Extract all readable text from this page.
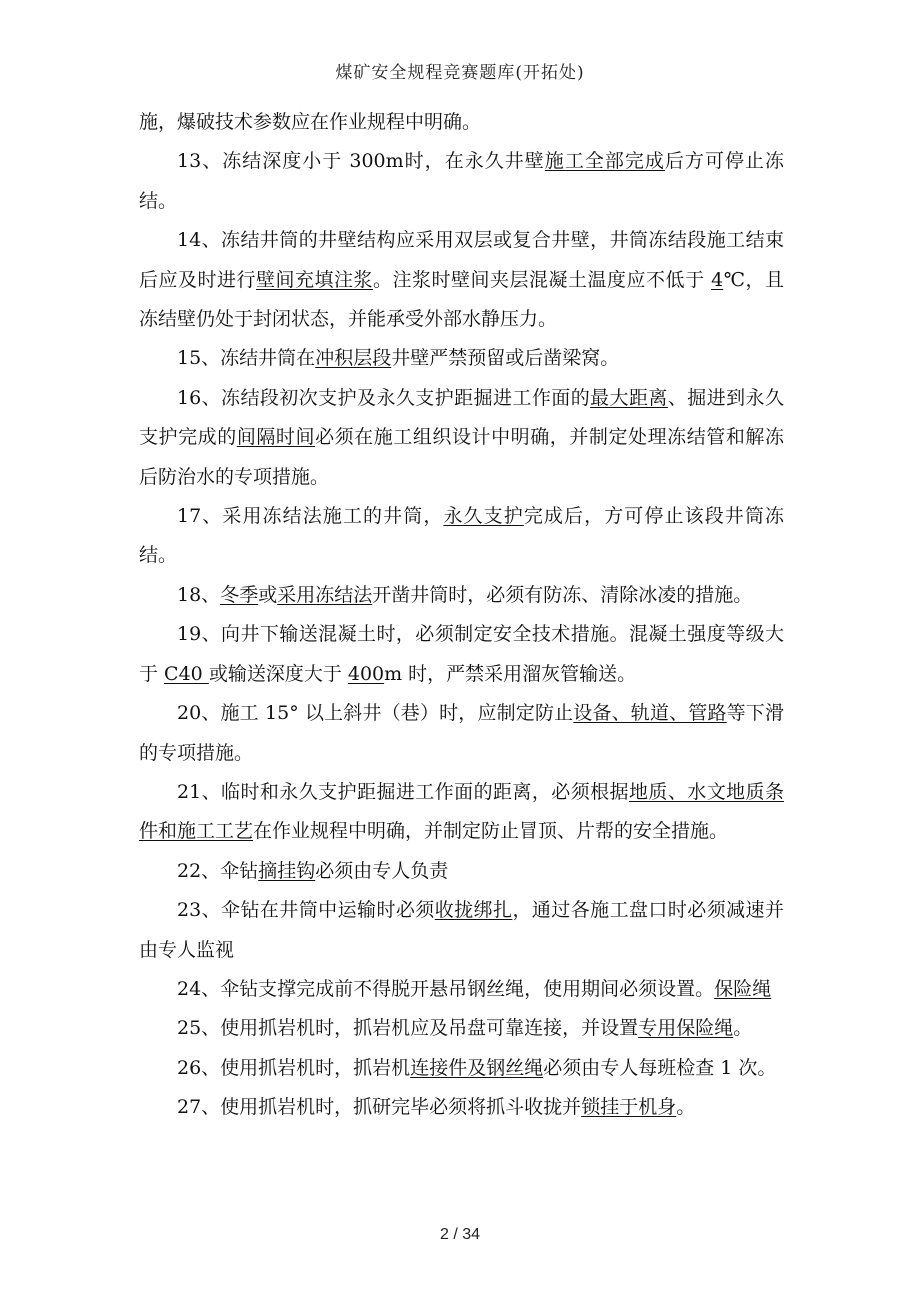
煤矿安全规程竞赛题库(开拓处)

施，爆破技术参数应在作业规程中明确。

13、冻结深度小于 300m时，在永久井壁施工全部完成后方可停止冻结。

14、冻结井筒的井壁结构应采用双层或复合井壁，井筒冻结段施工结束后应及时进行壁间充填注浆。注浆时壁间夹层混凝土温度应不低于 4℃，且冻结壁仍处于封闭状态，并能承受外部水静压力。

15、冻结井筒在冲积层段井壁严禁预留或后凿梁窝。

16、冻结段初次支护及永久支护距掘进工作面的最大距离、掘进到永久支护完成的间隔时间必须在施工组织设计中明确，并制定处理冻结管和解冻后防治水的专项措施。

17、采用冻结法施工的井筒，永久支护完成后，方可停止该段井筒冻结。

18、冬季或采用冻结法开凿井筒时，必须有防冻、清除冰凌的措施。

19、向井下输送混凝土时，必须制定安全技术措施。混凝土强度等级大于 C40 或输送深度大于 400m 时，严禁采用溜灰管输送。

20、施工 15° 以上斜井（巷）时，应制定防止设备、轨道、管路等下滑的专项措施。

21、临时和永久支护距掘进工作面的距离，必须根据地质、水文地质条件和施工工艺在作业规程中明确，并制定防止冒顶、片帮的安全措施。

22、伞钻摘挂钩必须由专人负责

23、伞钻在井筒中运输时必须收拢绑扎，通过各施工盘口时必须减速并由专人监视

24、伞钻支撑完成前不得脱开悬吊钢丝绳，使用期间必须设置。保险绳

25、使用抓岩机时，抓岩机应及吊盘可靠连接，并设置专用保险绳。

26、使用抓岩机时，抓岩机连接件及钢丝绳必须由专人每班检查 1 次。

27、使用抓岩机时，抓研完毕必须将抓斗收拢并锁挂于机身。

2 / 34
